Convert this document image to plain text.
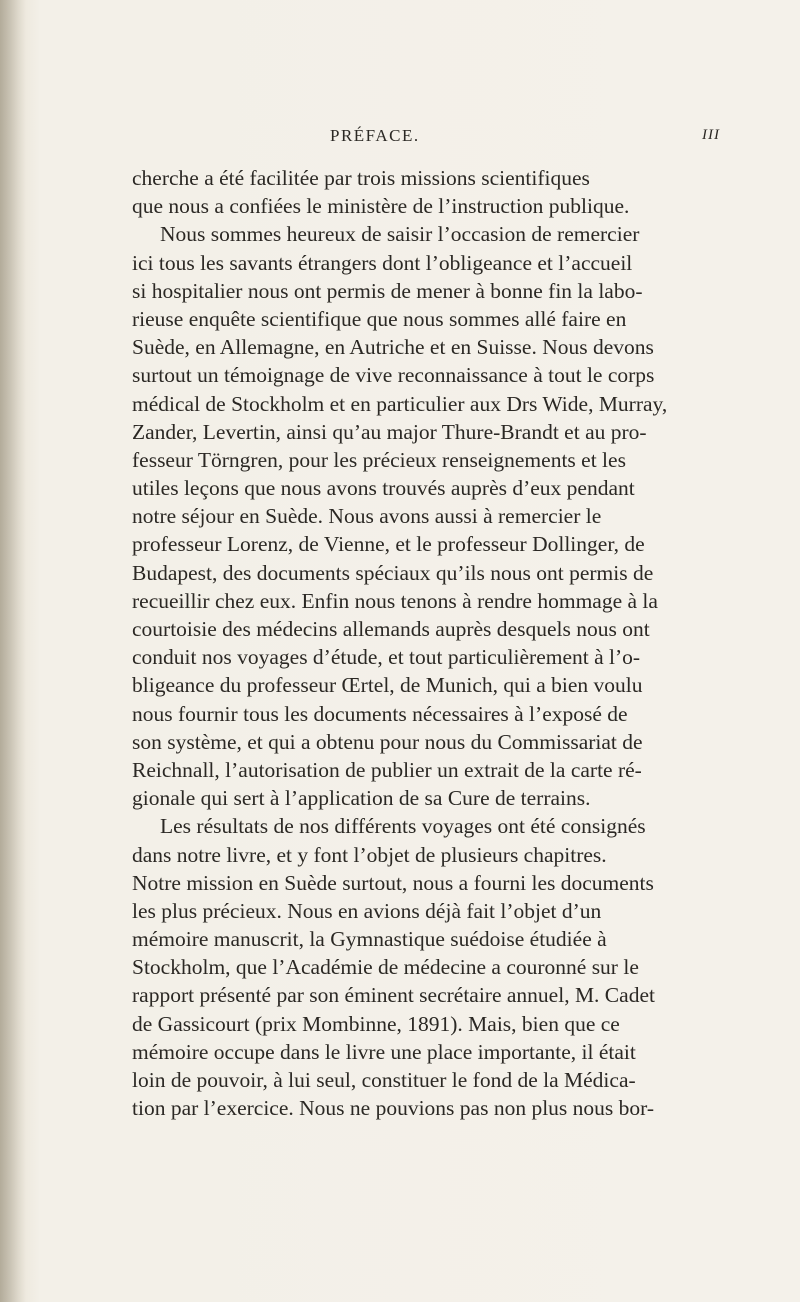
PRÉFACE.	III
cherche a été facilitée par trois missions scientifiques
que nous a confiées le ministère de l’instruction publique.
Nous sommes heureux de saisir l’occasion de remercier
ici tous les savants étrangers dont l’obligeance et l’accueil
si hospitalier nous ont permis de mener à bonne fin la labo-
rieuse enquête scientifique que nous sommes allé faire en
Suède, en Allemagne, en Autriche et en Suisse. Nous devons
surtout un témoignage de vive reconnaissance à tout le corps
médical de Stockholm et en particulier aux Drs Wide, Murray,
Zander, Levertin, ainsi qu’au major Thure-Brandt et au pro-
fesseur Törngren, pour les précieux renseignements et les
utiles leçons que nous avons trouvés auprès d’eux pendant
notre séjour en Suède. Nous avons aussi à remercier le
professeur Lorenz, de Vienne, et le professeur Dollinger, de
Budapest, des documents spéciaux qu’ils nous ont permis de
recueillir chez eux. Enfin nous tenons à rendre hommage à la
courtoisie des médecins allemands auprès desquels nous ont
conduit nos voyages d’étude, et tout particulièrement à l’o-
bligeance du professeur Œrtel, de Munich, qui a bien voulu
nous fournir tous les documents nécessaires à l’exposé de
son système, et qui a obtenu pour nous du Commissariat de
Reichnall, l’autorisation de publier un extrait de la carte ré-
gionale qui sert à l’application de sa Cure de terrains.
Les résultats de nos différents voyages ont été consignés
dans notre livre, et y font l’objet de plusieurs chapitres.
Notre mission en Suède surtout, nous a fourni les documents
les plus précieux. Nous en avions déjà fait l’objet d’un
mémoire manuscrit, la Gymnastique suédoise étudiée à
Stockholm, que l’Académie de médecine a couronné sur le
rapport présenté par son éminent secrétaire annuel, M. Cadet
de Gassicourt (prix Mombinne, 1891). Mais, bien que ce
mémoire occupe dans le livre une place importante, il était
loin de pouvoir, à lui seul, constituer le fond de la Médica-
tion par l’exercice. Nous ne pouvions pas non plus nous bor-
